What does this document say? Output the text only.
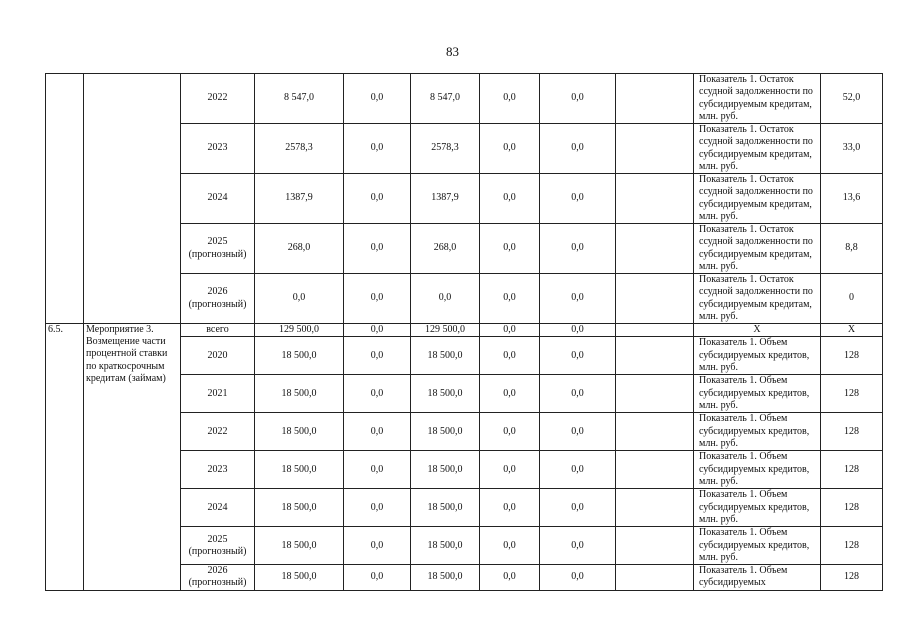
83
		2022	8 547,0	0,0	8 547,0	0,0	0,0		Показатель 1. Остаток ссудной задолженности по субсидируемым кредитам, млн. руб.	52,0
		2023	2578,3	0,0	2578,3	0,0	0,0		Показатель 1. Остаток ссудной задолженности по субсидируемым кредитам, млн. руб.	33,0
		2024	1387,9	0,0	1387,9	0,0	0,0		Показатель 1. Остаток ссудной задолженности по субсидируемым кредитам, млн. руб.	13,6
		2025 (прогнозный)	268,0	0,0	268,0	0,0	0,0		Показатель 1. Остаток ссудной задолженности по субсидируемым кредитам, млн. руб.	8,8
		2026 (прогнозный)	0,0	0,0	0,0	0,0	0,0		Показатель 1. Остаток ссудной задолженности по субсидируемым кредитам, млн. руб.	0
6.5.	Мероприятие 3. Возмещение части процентной ставки по краткосрочным кредитам (займам)	всего	129 500,0	0,0	129 500,0	0,0	0,0		Х	Х
		2020	18 500,0	0,0	18 500,0	0,0	0,0		Показатель 1. Объем субсидируемых кредитов, млн. руб.	128
		2021	18 500,0	0,0	18 500,0	0,0	0,0		Показатель 1. Объем субсидируемых кредитов, млн. руб.	128
		2022	18 500,0	0,0	18 500,0	0,0	0,0		Показатель 1. Объем субсидируемых кредитов, млн. руб.	128
		2023	18 500,0	0,0	18 500,0	0,0	0,0		Показатель 1. Объем субсидируемых кредитов, млн. руб.	128
		2024	18 500,0	0,0	18 500,0	0,0	0,0		Показатель 1. Объем субсидируемых кредитов, млн. руб.	128
		2025 (прогнозный)	18 500,0	0,0	18 500,0	0,0	0,0		Показатель 1. Объем субсидируемых кредитов, млн. руб.	128
		2026 (прогнозный)	18 500,0	0,0	18 500,0	0,0	0,0		Показатель 1. Объем субсидируемых	128
